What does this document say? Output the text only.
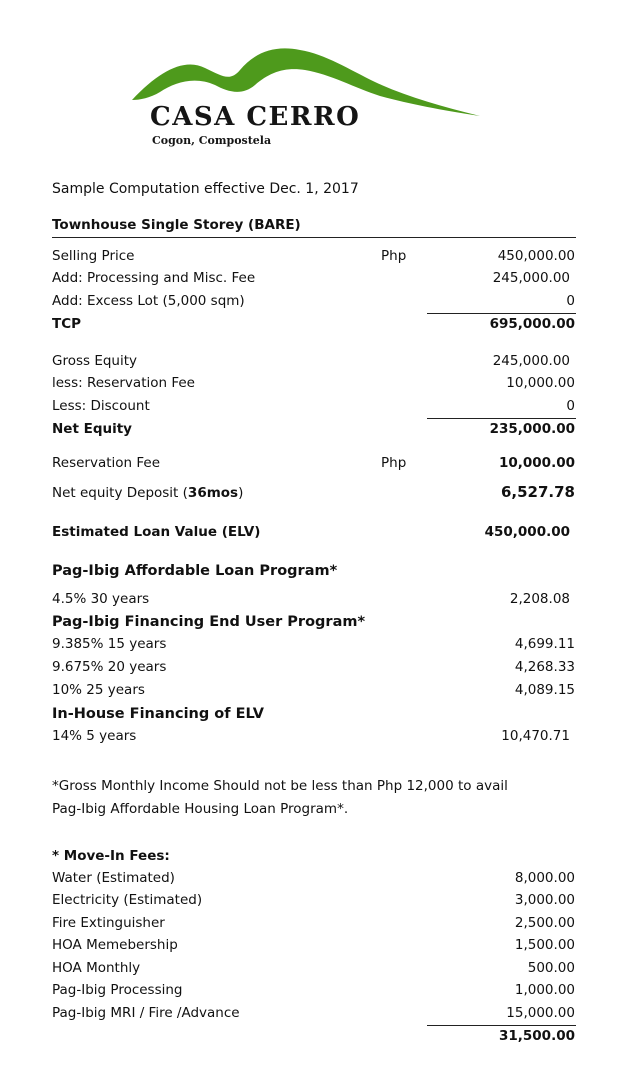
CASA CERRO
Cogon, Compostela
Sample Computation effective Dec. 1, 2017
Townhouse Single Storey (BARE)
Selling Price	Php	450,000.00
Add: Processing and Misc. Fee	245,000.00
Add: Excess Lot (5,000 sqm)	0
TCP	695,000.00
Gross Equity	245,000.00
less: Reservation Fee	10,000.00
Less: Discount	0
Net Equity	235,000.00
Reservation Fee	Php	10,000.00
Net equity Deposit (36mos)	6,527.78
Estimated Loan Value (ELV)	450,000.00
Pag-Ibig Affordable Loan Program*
4.5% 30 years	2,208.08
Pag-Ibig Financing End User Program*
9.385% 15 years	4,699.11
9.675% 20 years	4,268.33
10% 25 years	4,089.15
In-House Financing of ELV
14% 5 years	10,470.71
*Gross Monthly Income Should not be less than Php 12,000 to avail
Pag-Ibig Affordable Housing Loan Program*.
* Move-In Fees:
Water (Estimated)	8,000.00
Electricity (Estimated)	3,000.00
Fire Extinguisher	2,500.00
HOA Memebership	1,500.00
HOA Monthly	500.00
Pag-Ibig Processing	1,000.00
Pag-Ibig MRI / Fire /Advance	15,000.00
31,500.00
